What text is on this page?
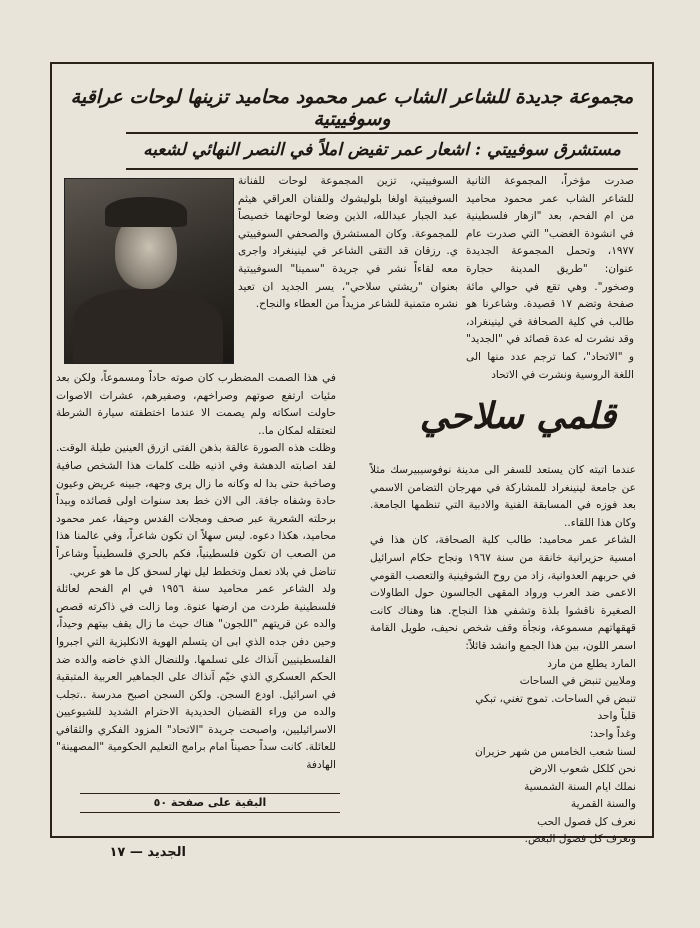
مجموعة جديدة للشاعر الشاب عمر محمود محاميد تزينها لوحات عراقية وسوفييتية
مستشرق سوفييتي : اشعار عمر تفيض املاً في النصر النهائي لشعبه

صدرت مؤخراً، المجموعة الثانية للشاعر الشاب عمر محمود محاميد من ام الفحم، بعد "ازهار فلسطينية في انشودة الغضب" التي صدرت عام ١٩٧٧، وتحمل المجموعة الجديدة عنوان: "طريق المدينة حجارة وصخور". وهي تقع في حوالي مائة صفحة وتضم ١٧ قصيدة. وشاعرنا هو طالب في كلية الصحافة في لينينغراد، وقد نشرت له عدة قصائد في "الجديد" و "الاتحاد"، كما ترجم عدد منها الى اللغة الروسية ونشرت في الاتحاد

السوفييتي، تزين المجموعة لوحات للفنانة السوفييتية اولغا بلوليشوك وللفنان العراقي هيثم عبد الجبار عبدالله، الذين وضعا لوحاتهما خصيصاً للمجموعة. وكان المستشرق والصحفي السوفييتي ي. رزقان قد التقى الشاعر في لينينغراد واجرى معه لقاءاً نشر في جريدة "سمينا" السوفييتية بعنوان "ريشتي سلاحي"، يسر الجديد ان تعيد نشره متمنية للشاعر مزيداً من العطاء والنجاح.

قلمي سلاحي

في هذا الصمت المضطرب كان صوته حاداً ومسموعاً، ولكن بعد مئيات ارتفع صوتهم وصراخهم، وصفيرهم، عشرات الاصوات حاولت اسكاته ولم يصمت الا عندما اختطفته سيارة الشرطة لتعتقله لمكان ما..

وظلت هذه الصورة عالقة بذهن الفتى ازرق العينين طيلة الوقت. لقد اصابته الدهشة وفي اذنيه ظلت كلمات هذا الشخص صافية وصاخبة حتى بدا له وكانه ما زال يرى وجهه، جبينه عريض وعيون حادة وشفاه جافة. الى الان خط بعد سنوات اولى قصائده وبيداً برحلته الشعرية عبر صحف ومجلات القدس وحيفا، عمر محمود محاميد، هكذا دعوه. ليس سهلاً ان تكون شاعراً، وفي عالمنا هذا من الصعب ان تكون فلسطينياً، فكم بالحري فلسطينياً وشاعراً تناضل في بلاد تعمل وتخطط ليل نهار لسحق كل ما هو عربي.

ولد الشاعر عمر محاميد سنة ١٩٥٦ في ام الفحم لعائلة فلسطينية طردت من ارضها عنوة. وما زالت في ذاكرته قصص والده عن قريتهم "اللجون" هناك حيث ما زال يقف بيتهم وحيداً، وحين دفن جده الذي ابى ان يتسلم الهوية الانكليزية التي اجبروا الفلسطينيين آنذاك على تسلمها. وللنضال الذي خاضه والده ضد الحكم العسكري الذي خيّم آنذاك على الجماهير العربية المتبقية في اسرائيل. اودع السجن. ولكن السجن اصبح مدرسة ..تجلب والده من وراء القضبان الحديدية الاحترام الشديد للشيوعيين الاسرائيليين، واصبحت جريدة "الاتحاد" المزود الفكري والثقافي للعائلة. كانت سداً حصيناً امام برامج التعليم الحكومية "المصهينة" الهادفة

عندما اتيته كان يستعد للسفر الى مدينة نوفوسيبيرسك مثلاً عن جامعة لينينغراد للمشاركة في مهرجان التضامن الاسمي بعد فوزه في المسابقة الفنية والادبية التي تنظمها الجامعة. وكان هذا اللقاء..

الشاعر عمر محاميد: طالب كلية الصحافة، كان هذا في امسية حزيرانية خانقة من سنة ١٩٦٧ ونجاح حكام اسرائيل في حربهم العدوانية، زاد من روح الشوفينية والتعصب القومي الاعمى ضد العرب ورواد المقهى الجالسون حول الطاولات الصغيرة ناقشوا بلذة وتشفي هذا النجاح. هنا وهناك كانت قهقهاتهم مسموعة، ونجأة وقف شخص نحيف، طويل القامة اسمر اللون، بين هذا الجمع وانشد قائلاً:

المارد يطلع من مارد

وملايين تنبض في الساحات

تنبض في الساحات. تموج تغني، تبكي

قلباً واحد

وغداً واحد:

لسنا شعب الخامس من شهر حزيران

نحن كلكل شعوب الارض

نملك ايام السنة الشمسية

والسنة القمرية

نعرف كل فصول الحب

ونعرف كل فصول البغض.

البقية على صفحة ٥٠
الجديد — ١٧
